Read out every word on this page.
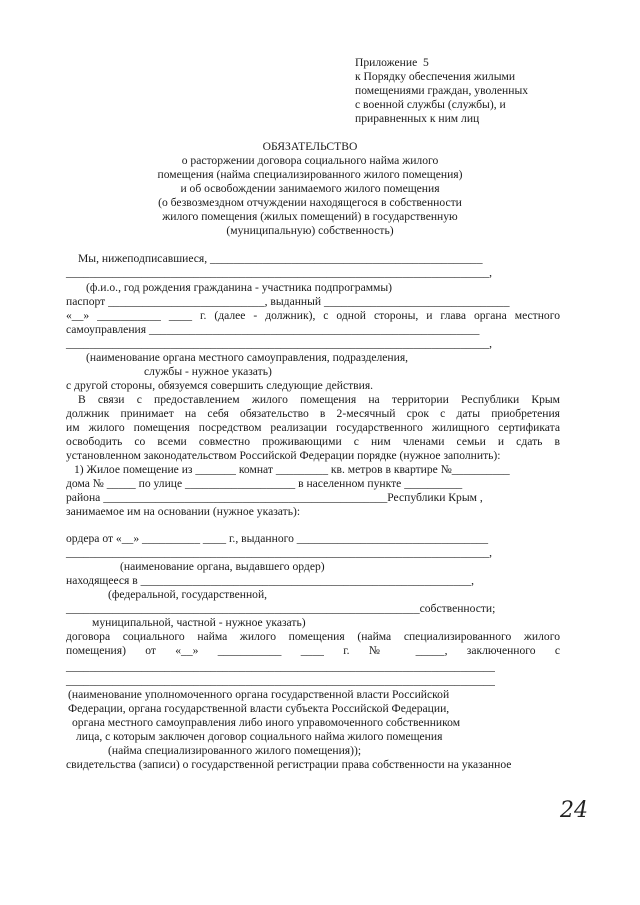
Приложение  5
к Порядку обеспечения жилыми
помещениями граждан, уволенных
с военной службы (службы), и
приравненных к ним лиц
ОБЯЗАТЕЛЬСТВО
о расторжении договора социального найма жилого
помещения (найма специализированного жилого помещения)
и об освобождении занимаемого жилого помещения
(о безвозмездном отчуждении находящегося в собственности
жилого помещения (жилых помещений) в государственную
(муниципальную) собственность)
Мы, нижеподписавшиеся, _______________________________________________
_________________________________________________________________________,
(ф.и.о., год рождения гражданина - участника подпрограммы)
паспорт ___________________________, выданный ________________________________
«__» ___________ ____ г. (далее - должник), с одной стороны, и глава органа местного
самоуправления _________________________________________________________
_________________________________________________________________________,
(наименование органа местного самоуправления, подразделения,
службы - нужное указать)
с другой стороны, обязуемся совершить следующие действия.
В связи с предоставлением жилого помещения на территории Республики Крым
должник принимает на себя обязательство в 2-месячный срок с даты приобретения
им жилого помещения посредством реализации государственного жилищного сертификата
освободить со всеми совместно проживающими с ним членами семьи и сдать в
установленном законодательством Российской Федерации порядке (нужное заполнить):
1) Жилое помещение из _______ комнат _________ кв. метров в квартире №__________
дома № _____ по улице ___________________ в населенном пункте __________
района _________________________________________________Республики Крым ,
занимаемое им на основании (нужное указать):
ордера от «__» __________ ____ г., выданного _________________________________
_________________________________________________________________________,
(наименование органа, выдавшего ордер)
находящееся в _________________________________________________________,
(федеральной, государственной,
_____________________________________________________________собственности;
муниципальной, частной - нужное указать)
договора социального найма жилого помещения (найма специализированного жилого
помещения) от «__» ___________ ____ г. № _____, заключенного с
__________________________________________________________________________
__________________________________________________________________________
(наименование уполномоченного органа государственной власти Российской
Федерации, органа государственной власти субъекта Российской Федерации,
органа местного самоуправления либо иного управомоченного собственником
лица, с которым заключен договор социального найма жилого помещения
(найма специализированного жилого помещения));
свидетельства (записи) о государственной регистрации права собственности на указанное
24
